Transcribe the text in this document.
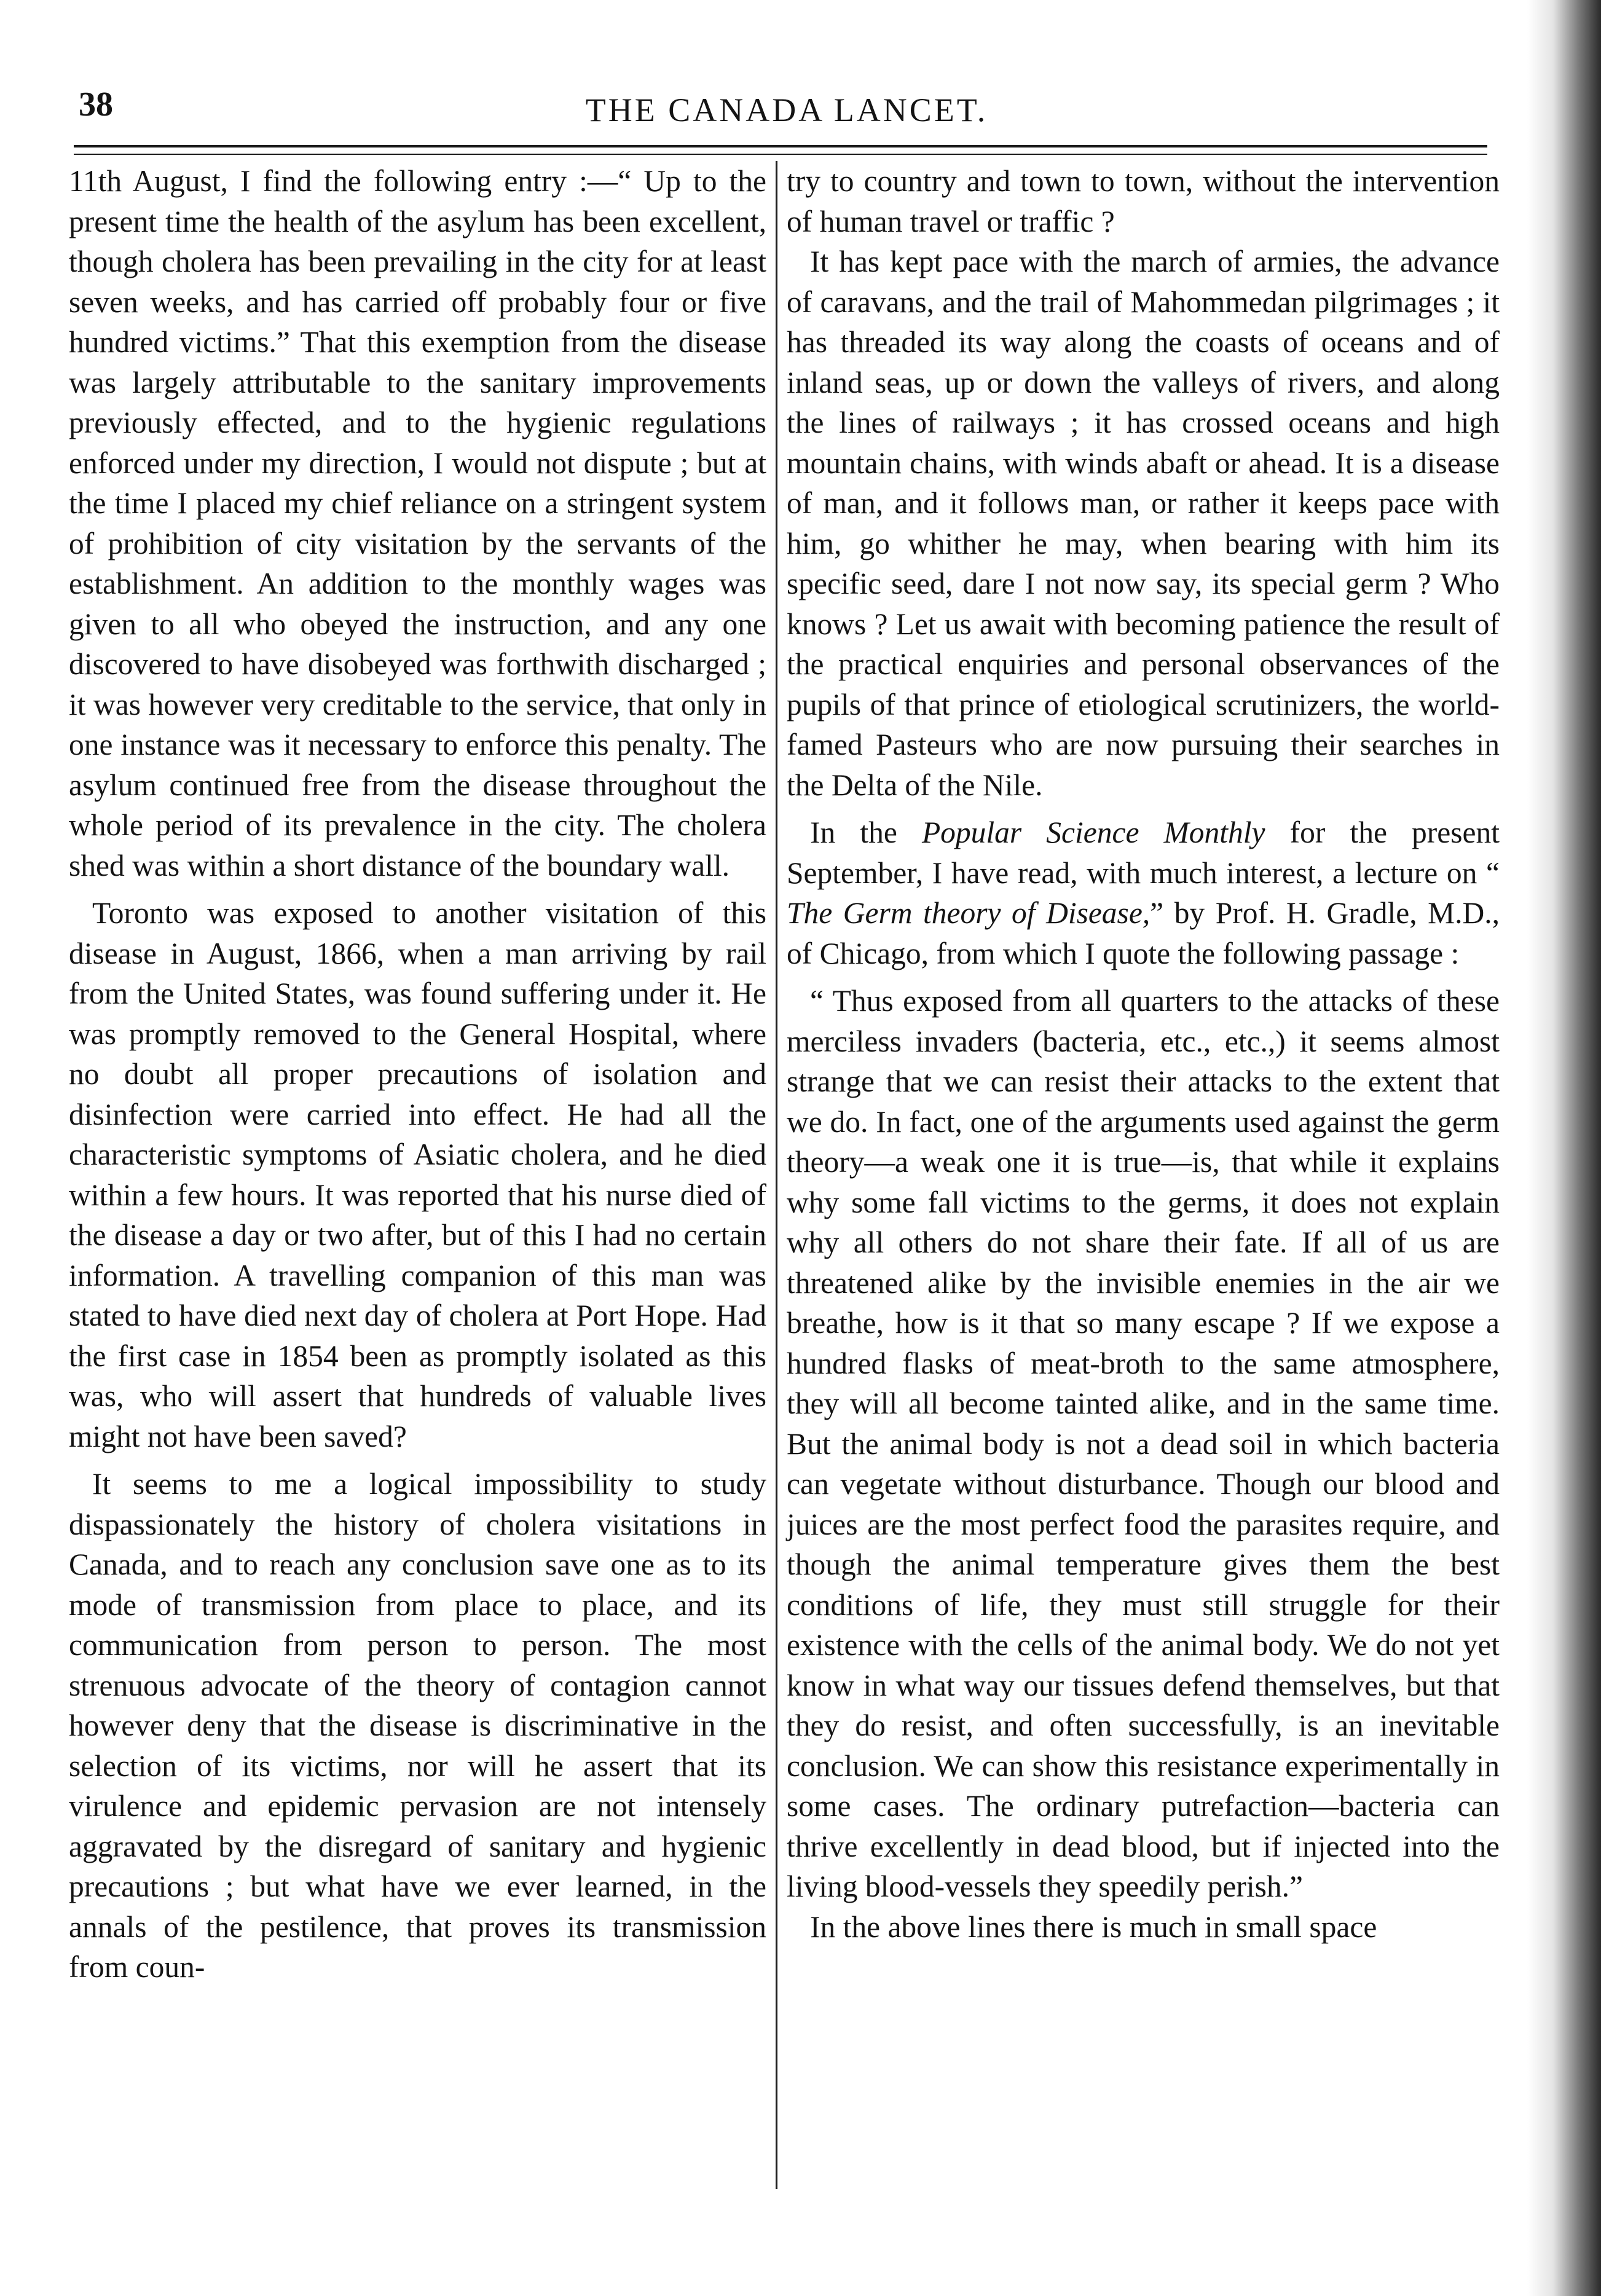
38	THE CANADA LANCET.

11th August, I find the following entry :—“ Up to the present time the health of the asylum has been excellent, though cholera has been prevailing in the city for at least seven weeks, and has carried off probably four or five hundred victims.” That this exemption from the disease was largely attributable to the sanitary improvements previously effected, and to the hygienic regulations enforced under my direction, I would not dispute ; but at the time I placed my chief reliance on a stringent system of prohibition of city visitation by the servants of the establishment. An addition to the monthly wages was given to all who obeyed the instruction, and any one discovered to have disobeyed was forthwith discharged ; it was however very creditable to the service, that only in one instance was it necessary to enforce this penalty. The asylum continued free from the disease throughout the whole period of its prevalence in the city. The cholera shed was within a short distance of the boundary wall.

Toronto was exposed to another visitation of this disease in August, 1866, when a man arriving by rail from the United States, was found suffering under it. He was promptly removed to the General Hospital, where no doubt all proper precautions of isolation and disinfection were carried into effect. He had all the characteristic symptoms of Asiatic cholera, and he died within a few hours. It was reported that his nurse died of the disease a day or two after, but of this I had no certain information. A travelling companion of this man was stated to have died next day of cholera at Port Hope. Had the first case in 1854 been as promptly isolated as this was, who will assert that hundreds of valuable lives might not have been saved?

It seems to me a logical impossibility to study dispassionately the history of cholera visitations in Canada, and to reach any conclusion save one as to its mode of transmission from place to place, and its communication from person to person. The most strenuous advocate of the theory of contagion cannot however deny that the disease is discriminative in the selection of its victims, nor will he assert that its virulence and epidemic pervasion are not intensely aggravated by the disregard of sanitary and hygienic precautions ; but what have we ever learned, in the annals of the pestilence, that proves its transmission from coun-

try to country and town to town, without the intervention of human travel or traffic ?

It has kept pace with the march of armies, the advance of caravans, and the trail of Mahommedan pilgrimages ; it has threaded its way along the coasts of oceans and of inland seas, up or down the valleys of rivers, and along the lines of railways ; it has crossed oceans and high mountain chains, with winds abaft or ahead. It is a disease of man, and it follows man, or rather it keeps pace with him, go whither he may, when bearing with him its specific seed, dare I not now say, its special germ ? Who knows ? Let us await with becoming patience the result of the practical enquiries and personal observances of the pupils of that prince of etiological scrutinizers, the world-famed Pasteurs who are now pursuing their searches in the Delta of the Nile.

In the Popular Science Monthly for the present September, I have read, with much interest, a lecture on “ The Germ theory of Disease,” by Prof. H. Gradle, M.D., of Chicago, from which I quote the following passage :

“ Thus exposed from all quarters to the attacks of these merciless invaders (bacteria, etc., etc.,) it seems almost strange that we can resist their attacks to the extent that we do. In fact, one of the arguments used against the germ theory—a weak one it is true—is, that while it explains why some fall victims to the germs, it does not explain why all others do not share their fate. If all of us are threatened alike by the invisible enemies in the air we breathe, how is it that so many escape ? If we expose a hundred flasks of meat-broth to the same atmosphere, they will all become tainted alike, and in the same time. But the animal body is not a dead soil in which bacteria can vegetate without disturbance. Though our blood and juices are the most perfect food the parasites require, and though the animal temperature gives them the best conditions of life, they must still struggle for their existence with the cells of the animal body. We do not yet know in what way our tissues defend themselves, but that they do resist, and often successfully, is an inevitable conclusion. We can show this resistance experimentally in some cases. The ordinary putrefaction—bacteria can thrive excellently in dead blood, but if injected into the living blood-vessels they speedily perish.”

In the above lines there is much in small space
